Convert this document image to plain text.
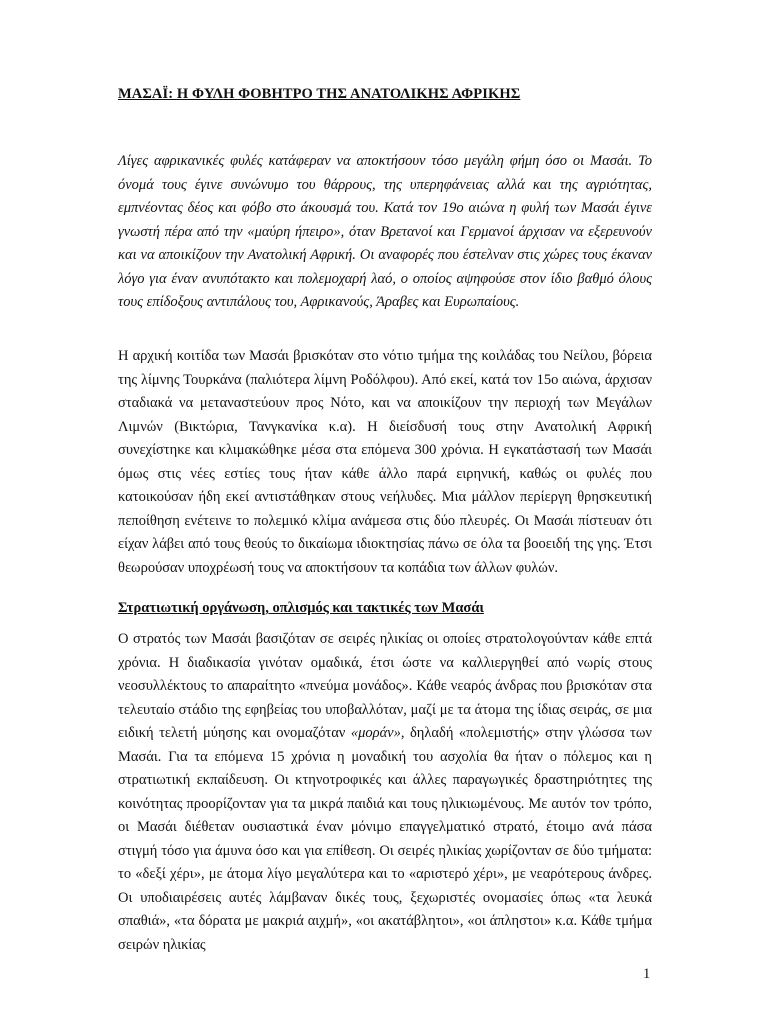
ΜΑΣΑΪ: Η ΦΥΛΗ ΦΟΒΗΤΡΟ ΤΗΣ ΑΝΑΤΟΛΙΚΗΣ ΑΦΡΙΚΗΣ

Λίγες αφρικανικές φυλές κατάφεραν να αποκτήσουν τόσο μεγάλη φήμη όσο οι Μασάι. Το όνομά τους έγινε συνώνυμο του θάρρους, της υπερηφάνειας αλλά και της αγριότητας, εμπνέοντας δέος και φόβο στο άκουσμά του. Κατά τον 19ο αιώνα η φυλή των Μασάι έγινε γνωστή πέρα από την «μαύρη ήπειρο», όταν Βρετανοί και Γερμανοί άρχισαν να εξερευνούν και να αποικίζουν την Ανατολική Αφρική. Οι αναφορές που έστελναν στις χώρες τους έκαναν λόγο για έναν ανυπότακτο και πολεμοχαρή λαό, ο οποίος αψηφούσε στον ίδιο βαθμό όλους τους επίδοξους αντιπάλους του, Αφρικανούς, Άραβες και Ευρωπαίους.

Η αρχική κοιτίδα των Μασάι βρισκόταν στο νότιο τμήμα της κοιλάδας του Νείλου, βόρεια της λίμνης Τουρκάνα (παλιότερα λίμνη Ροδόλφου). Από εκεί, κατά τον 15ο αιώνα, άρχισαν σταδιακά να μεταναστεύουν προς Νότο, και να αποικίζουν την περιοχή των Μεγάλων Λιμνών (Βικτώρια, Τανγκανίκα κ.α). Η διείσδυσή τους στην Ανατολική Αφρική συνεχίστηκε και κλιμακώθηκε μέσα στα επόμενα 300 χρόνια. Η εγκατάστασή των Μασάι όμως στις νέες εστίες τους ήταν κάθε άλλο παρά ειρηνική, καθώς οι φυλές που κατοικούσαν ήδη εκεί αντιστάθηκαν στους νεήλυδες. Μια μάλλον περίεργη θρησκευτική πεποίθηση ενέτεινε το πολεμικό κλίμα ανάμεσα στις δύο πλευρές. Οι Μασάι πίστευαν ότι είχαν λάβει από τους θεούς το δικαίωμα ιδιοκτησίας πάνω σε όλα τα βοοειδή της γης. Έτσι θεωρούσαν υποχρέωσή τους να αποκτήσουν τα κοπάδια των άλλων φυλών.

Στρατιωτική οργάνωση, οπλισμός και τακτικές των Μασάι

Ο στρατός των Μασάι βασιζόταν σε σειρές ηλικίας οι οποίες στρατολογούνταν κάθε επτά χρόνια. Η διαδικασία γινόταν ομαδικά, έτσι ώστε να καλλιεργηθεί από νωρίς στους νεοσυλλέκτους το απαραίτητο «πνεύμα μονάδος». Κάθε νεαρός άνδρας που βρισκόταν στα τελευταίο στάδιο της εφηβείας του υποβαλλόταν, μαζί με τα άτομα της ίδιας σειράς, σε μια ειδική τελετή μύησης και ονομαζόταν «μοράν», δηλαδή «πολεμιστής» στην γλώσσα των Μασάι. Για τα επόμενα 15 χρόνια η μοναδική του ασχολία θα ήταν ο πόλεμος και η στρατιωτική εκπαίδευση. Οι κτηνοτροφικές και άλλες παραγωγικές δραστηριότητες της κοινότητας προορίζονταν για τα μικρά παιδιά και τους ηλικιωμένους. Με αυτόν τον τρόπο, οι Μασάι διέθεταν ουσιαστικά έναν μόνιμο επαγγελματικό στρατό, έτοιμο ανά πάσα στιγμή τόσο για άμυνα όσο και για επίθεση. Οι σειρές ηλικίας χωρίζονταν σε δύο τμήματα: το «δεξί χέρι», με άτομα λίγο μεγαλύτερα και το «αριστερό χέρι», με νεαρότερους άνδρες. Οι υποδιαιρέσεις αυτές λάμβαναν δικές τους, ξεχωριστές ονομασίες όπως «τα λευκά σπαθιά», «τα δόρατα με μακριά αιχμή», «οι ακατάβλητοι», «οι άπληστοι» κ.α. Κάθε τμήμα σειρών ηλικίας

1
